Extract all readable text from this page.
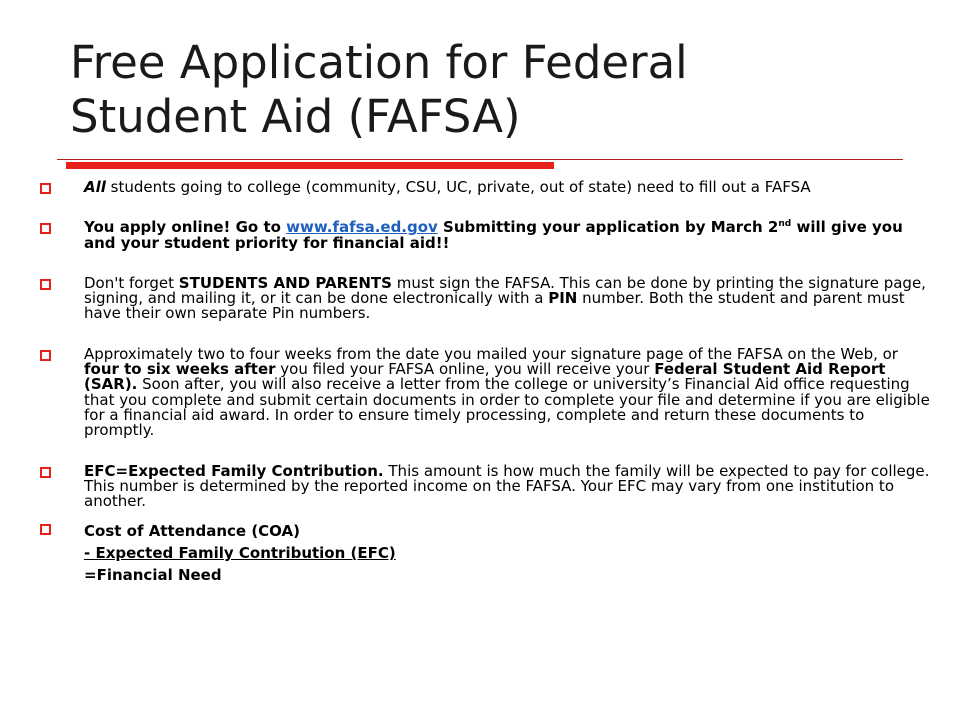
Free Application for Federal
Student Aid (FAFSA)

All students going to college (community, CSU, UC, private, out of state) need to fill out a FAFSA

You apply online! Go to www.fafsa.ed.gov Submitting your application by March 2nd will give you and your student priority for financial aid!!

Don't forget STUDENTS AND PARENTS must sign the FAFSA. This can be done by printing the signature page, signing, and mailing it, or it can be done electronically with a PIN number. Both the student and parent must have their own separate Pin numbers.

Approximately two to four weeks from the date you mailed your signature page of the FAFSA on the Web, or four to six weeks after you filed your FAFSA online, you will receive your Federal Student Aid Report (SAR). Soon after, you will also receive a letter from the college or university’s Financial Aid office requesting that you complete and submit certain documents in order to complete your file and determine if you are eligible for a financial aid award. In order to ensure timely processing, complete and return these documents to promptly.

EFC=Expected Family Contribution. This amount is how much the family will be expected to pay for college. This number is determined by the reported income on the FAFSA. Your EFC may vary from one institution to another.

Cost of Attendance (COA)
- Expected Family Contribution (EFC)
=Financial Need
